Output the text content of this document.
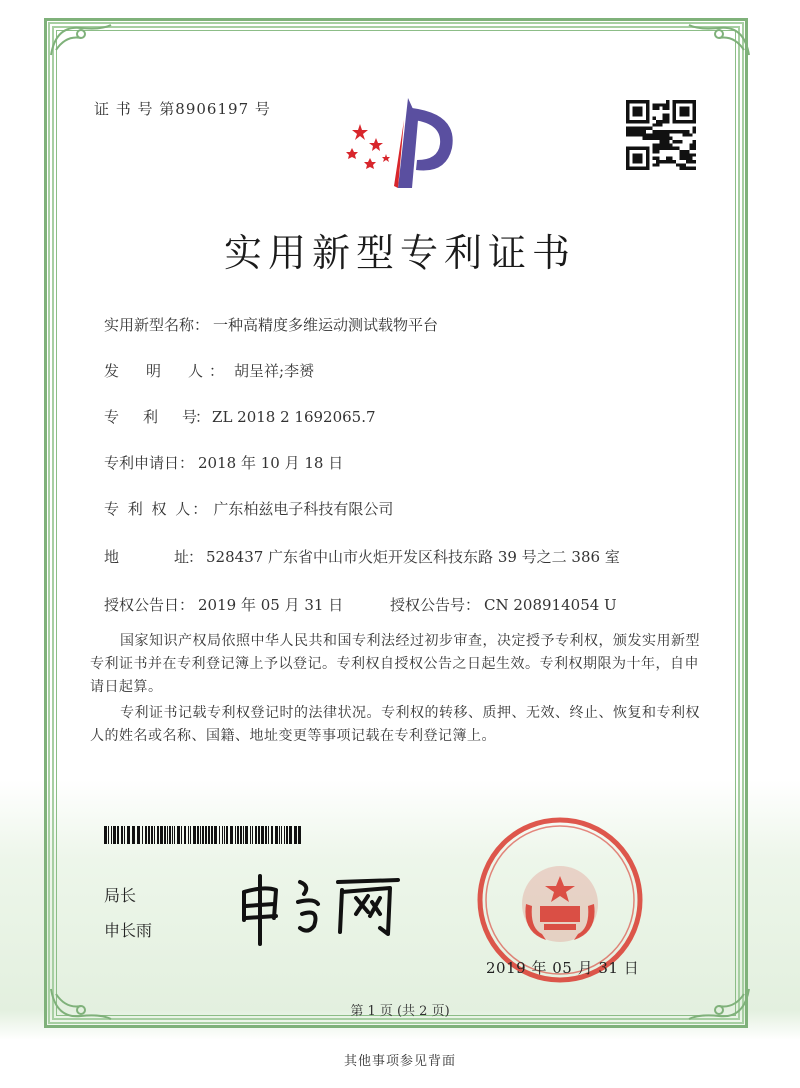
证 书 号 第8906197 号
实用新型专利证书
实用新型名称： 一种高精度多维运动测试载物平台
发　明　人： 胡呈祥;李赟
专　　利　　号： ZL 2018 2 1692065.7
专利申请日： 2018 年 10 月 18 日
专 利 权 人： 广东柏兹电子科技有限公司
地　　　　址： 528437 广东省中山市火炬开发区科技东路 39 号之二 386 室
授权公告日： 2019 年 05 月 31 日	授权公告号： CN 208914054 U
国家知识产权局依照中华人民共和国专利法经过初步审查，决定授予专利权，颁发实用新型专利证书并在专利登记簿上予以登记。专利权自授权公告之日起生效。专利权期限为十年，自申请日起算。
专利证书记载专利权登记时的法律状况。专利权的转移、质押、无效、终止、恢复和专利权人的姓名或名称、国籍、地址变更等事项记载在专利登记簿上。
局长
申长雨
2019 年 05 月 31 日
第 1 页 (共 2 页)
其他事项参见背面
